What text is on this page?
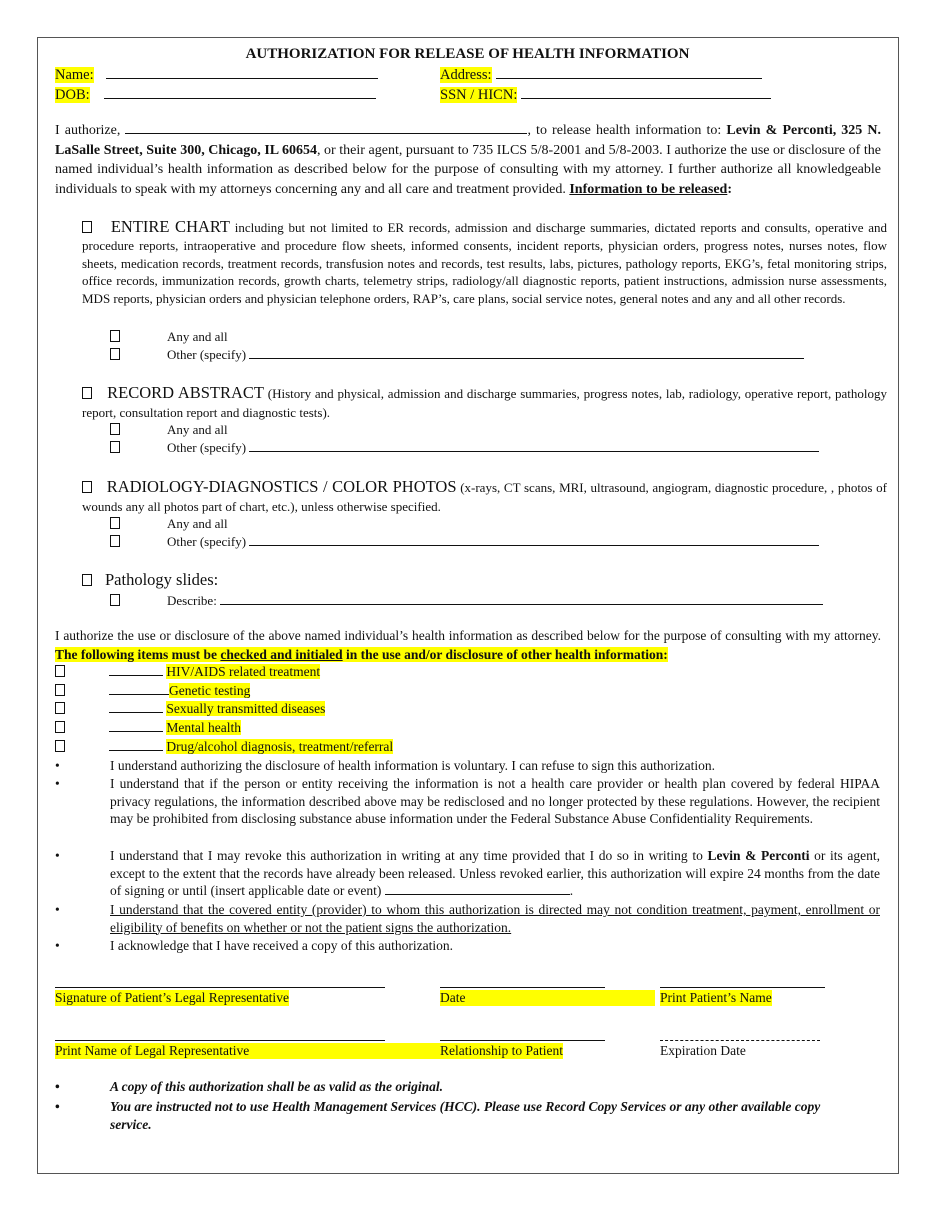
AUTHORIZATION FOR RELEASE OF HEALTH INFORMATION
Name:
DOB:
Address:
SSN / HICN:
I authorize,	, to release health information to: Levin & Perconti, 325 N. LaSalle Street, Suite 300, Chicago, IL 60654, or their agent, pursuant to 735 ILCS 5/8-2001 and 5/8-2003. I authorize the use or disclosure of the named individual’s health information as described below for the purpose of consulting with my attorney. I further authorize all knowledgeable individuals to speak with my attorneys concerning any and all care and treatment provided. Information to be released:
ENTIRE CHART including but not limited to ER records, admission and discharge summaries, dictated reports and consults, operative and procedure reports, intraoperative and procedure flow sheets, informed consents, incident reports, physician orders, progress notes, nurses notes, flow sheets, medication records, treatment records, transfusion notes and records, test results, labs, pictures, pathology reports, EKG’s, fetal monitoring strips, office records, immunization records, growth charts, telemetry strips, radiology/all diagnostic reports, patient instructions, admission nurse assessments, MDS reports, physician orders and physician telephone orders, RAP’s, care plans, social service notes, general notes and any and all other records.
Any and all
Other (specify)
RECORD ABSTRACT (History and physical, admission and discharge summaries, progress notes, lab, radiology, operative report, pathology report, consultation report and diagnostic tests).
Any and all
Other (specify)
RADIOLOGY-DIAGNOSTICS / COLOR PHOTOS (x-rays, CT scans, MRI, ultrasound, angiogram, diagnostic procedure, , photos of wounds any all photos part of chart, etc.), unless otherwise specified.
Any and all
Other (specify)
Pathology slides:
Describe:
I authorize the use or disclosure of the above named individual’s health information as described below for the purpose of consulting with my attorney. The following items must be checked and initialed in the use and/or disclosure of other health information:
HIV/AIDS related treatment
Genetic testing
Sexually transmitted diseases
Mental health
Drug/alcohol diagnosis, treatment/referral
•	I understand authorizing the disclosure of health information is voluntary. I can refuse to sign this authorization.
•	I understand that if the person or entity receiving the information is not a health care provider or health plan covered by federal HIPAA privacy regulations, the information described above may be redisclosed and no longer protected by these regulations. However, the recipient may be prohibited from disclosing substance abuse information under the Federal Substance Abuse Confidentiality Requirements.
•	I understand that I may revoke this authorization in writing at any time provided that I do so in writing to Levin & Perconti or its agent, except to the extent that the records have already been released. Unless revoked earlier, this authorization will expire 24 months from the date of signing or until (insert applicable date or event)	.
•	I understand that the covered entity (provider) to whom this authorization is directed may not condition treatment, payment, enrollment or eligibility of benefits on whether or not the patient signs the authorization.
•	I acknowledge that I have received a copy of this authorization.
Signature of Patient’s Legal Representative	Date	Print Patient’s Name
Print Name of Legal Representative	Relationship to Patient	Expiration Date
•	A copy of this authorization shall be as valid as the original.
•	You are instructed not to use Health Management Services (HCC). Please use Record Copy Services or any other available copy service.
